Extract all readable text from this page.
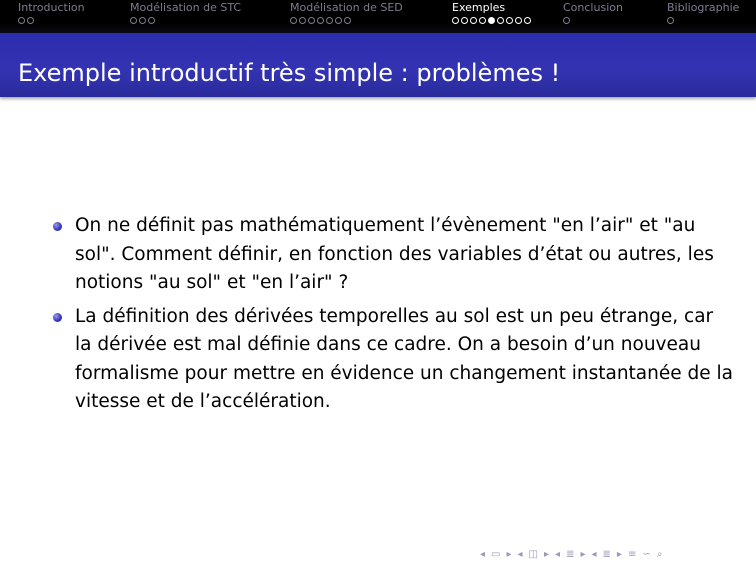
Introduction	Modélisation de STC	Modélisation de SED	Exemples	Conclusion	Bibliographie
Exemple introductif très simple : problèmes !
On ne définit pas mathématiquement l’évènement "en l’air" et "au sol". Comment définir, en fonction des variables d’état ou autres, les notions "au sol" et "en l’air" ?
La définition des dérivées temporelles au sol est un peu étrange, car la dérivée est mal définie dans ce cadre. On a besoin d’un nouveau formalisme pour mettre en évidence un changement instantanée de la vitesse et de l’accélération.
◂ ▭ ▸ ◂ ◫ ▸ ◂ ≣ ▸ ◂ ≣ ▸ ≡ ∽ ⌕
